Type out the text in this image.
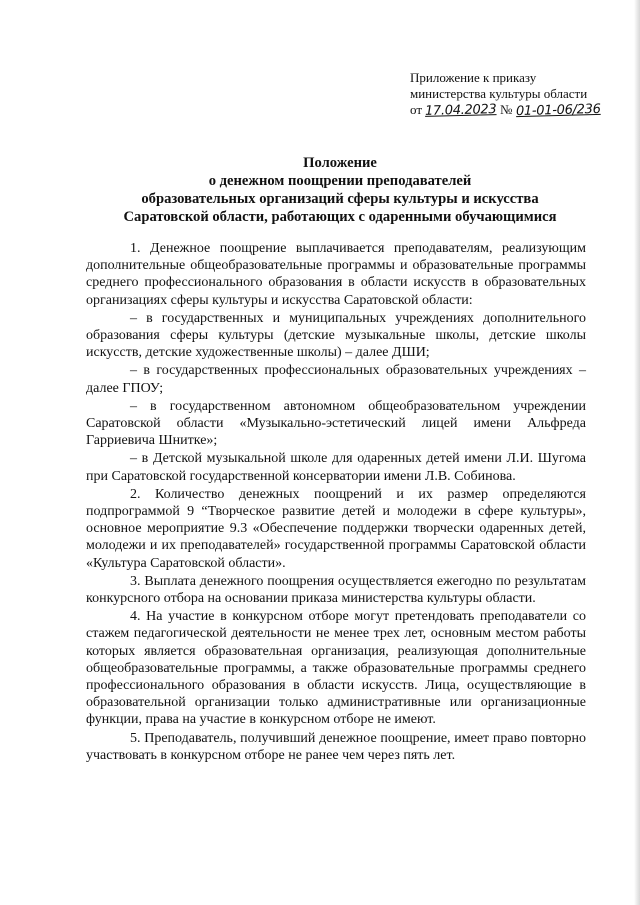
Приложение к приказу
министерства культуры области
от 17.04.2023 № 01-01-06/236
Положение
о денежном поощрении преподавателей
образовательных организаций сферы культуры и искусства
Саратовской области, работающих с одаренными обучающимися

1. Денежное поощрение выплачивается преподавателям, реализующим дополнительные общеобразовательные программы и образовательные программы среднего профессионального образования в области искусств в образовательных организациях сферы культуры и искусства Саратовской области:

– в государственных и муниципальных учреждениях дополнительного образования сферы культуры (детские музыкальные школы, детские школы искусств, детские художественные школы) – далее ДШИ;

– в государственных профессиональных образовательных учреждениях – далее ГПОУ;

– в государственном автономном общеобразовательном учреждении Саратовской области «Музыкально-эстетический лицей имени Альфреда Гарриевича Шнитке»;

– в Детской музыкальной школе для одаренных детей имени Л.И. Шугома при Саратовской государственной консерватории имени Л.В. Собинова.

2. Количество денежных поощрений и их размер определяются подпрограммой 9 “Творческое развитие детей и молодежи в сфере культуры», основное мероприятие 9.3 «Обеспечение поддержки творчески одаренных детей, молодежи и их преподавателей» государственной программы Саратовской области «Культура Саратовской области».

3. Выплата денежного поощрения осуществляется ежегодно по результатам конкурсного отбора на основании приказа министерства культуры области.

4. На участие в конкурсном отборе могут претендовать преподаватели со стажем педагогической деятельности не менее трех лет, основным местом работы которых является образовательная организация, реализующая дополнительные общеобразовательные программы, а также образовательные программы среднего профессионального образования в области искусств. Лица, осуществляющие в образовательной организации только административные или организационные функции, права на участие в конкурсном отборе не имеют.

5. Преподаватель, получивший денежное поощрение, имеет право повторно участвовать в конкурсном отборе не ранее чем через пять лет.
